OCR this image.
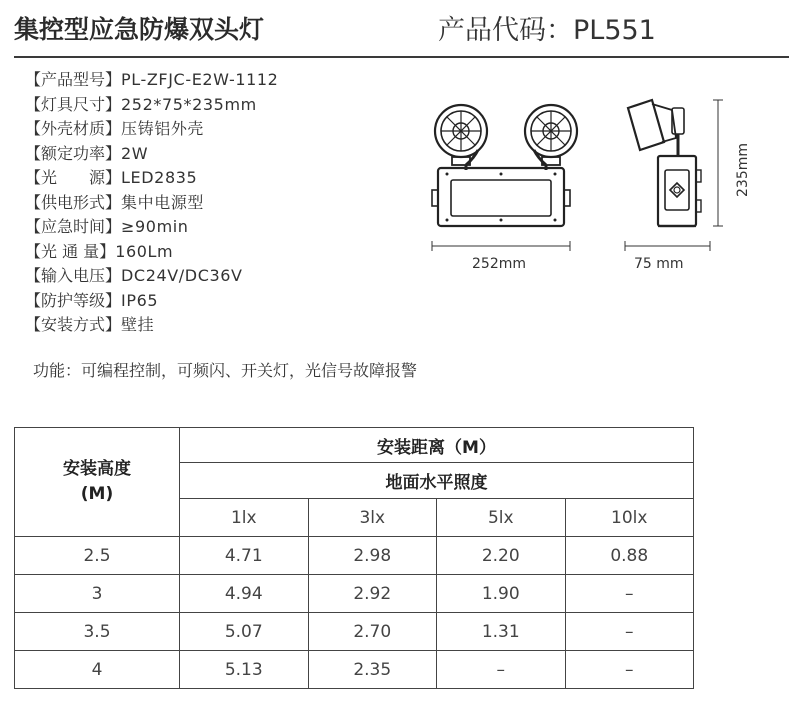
集控型应急防爆双头灯	产品代码：PL551
【产品型号】PL-ZFJC-E2W-1112
【灯具尺寸】252*75*235mm
【外壳材质】压铸铝外壳
【额定功率】2W
【光　　源】LED2835
【供电形式】集中电源型
【应急时间】≥90min
【光 通 量】160Lm
【输入电压】DC24V/DC36V
【防护等级】IP65
【安装方式】壁挂
252mm	75 mm
235mm
功能：可编程控制，可频闪、开关灯，光信号故障报警
安装高度(M)	安装距离（M）			
	地面水平照度			
	1lx	3lx	5lx	10lx
2.5	4.71	2.98	2.20	0.88
3	4.94	2.92	1.90	–
3.5	5.07	2.70	1.31	–
4	5.13	2.35	–	–
